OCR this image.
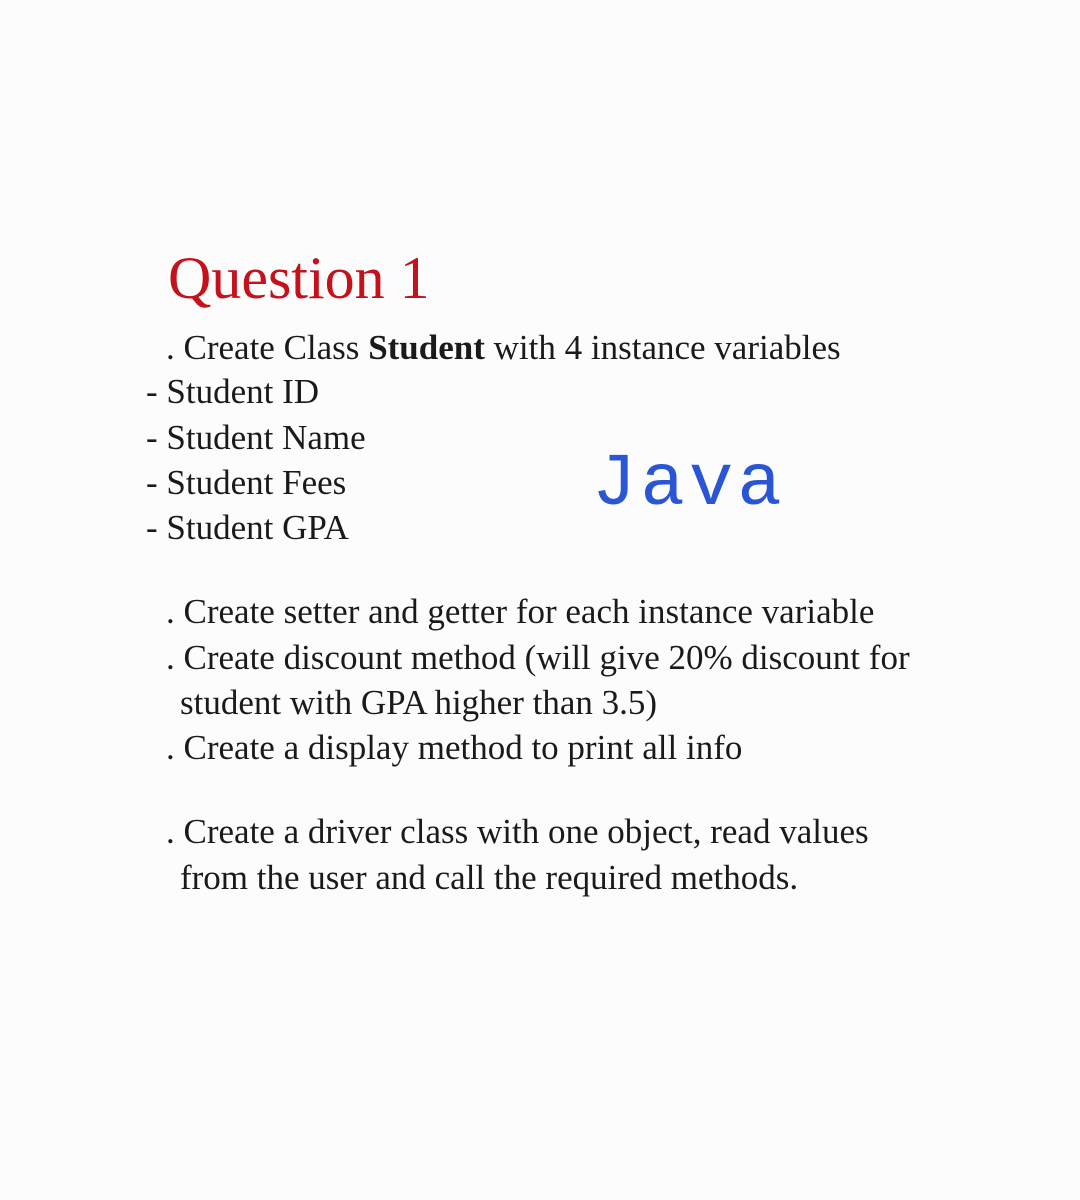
Question 1
. Create Class Student with 4 instance variables
- Student ID
- Student Name
- Student Fees
- Student GPA
Java
. Create setter and getter for each instance variable
. Create discount method (will give 20% discount for
student with GPA higher than 3.5)
. Create a display method to print all info
. Create a driver class with one object, read values
from the user and call the required methods.
